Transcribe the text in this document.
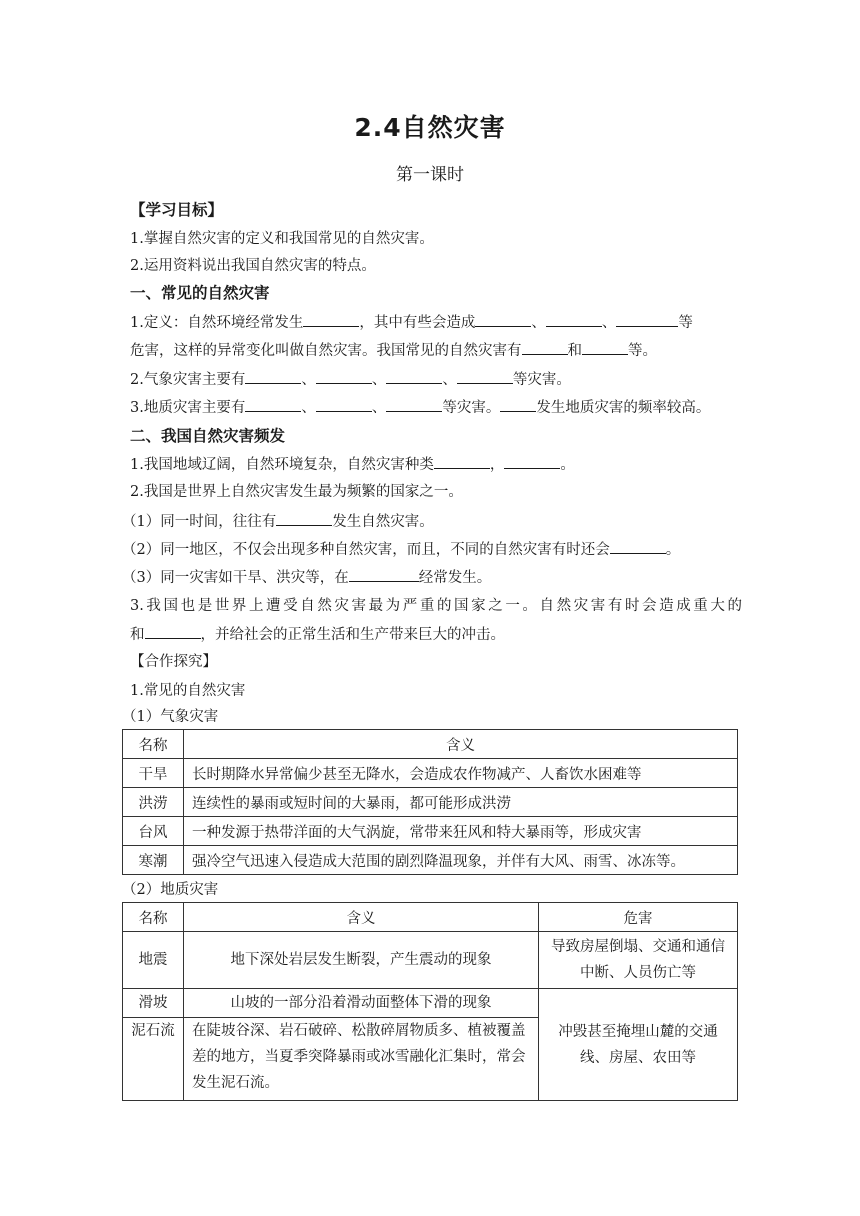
2.4自然灾害
第一课时
【学习目标】
1.掌握自然灾害的定义和我国常见的自然灾害。
2.运用资料说出我国自然灾害的特点。
一、常见的自然灾害
1.定义：自然环境经常发生	，其中有些会造成	、	、	等
危害，这样的异常变化叫做自然灾害。我国常见的自然灾害有	和	等。
2.气象灾害主要有	、	、	、	等灾害。
3.地质灾害主要有	、	、	等灾害。 发生地质灾害的频率较高。
二、我国自然灾害频发
1.我国地域辽阔，自然环境复杂，自然灾害种类	，	。
2.我国是世界上自然灾害发生最为频繁的国家之一。
（1）同一时间，往往有	发生自然灾害。
（2）同一地区，不仅会出现多种自然灾害，而且，不同的自然灾害有时还会	。
（3）同一灾害如干旱、洪灾等，在	经常发生。
3.我国也是世界上遭受自然灾害最为严重的国家之一。自然灾害有时会造成重大的
和	，并给社会的正常生活和生产带来巨大的冲击。
【合作探究】
1.常见的自然灾害
（1）气象灾害
名称	含义
干旱	长时期降水异常偏少甚至无降水，会造成农作物减产、人畜饮水困难等
洪涝	连续性的暴雨或短时间的大暴雨，都可能形成洪涝
台风	一种发源于热带洋面的大气涡旋，常带来狂风和特大暴雨等，形成灾害
寒潮	强冷空气迅速入侵造成大范围的剧烈降温现象，并伴有大风、雨雪、冰冻等。
（2）地质灾害
名称	含义	危害
地震	地下深处岩层发生断裂，产生震动的现象	导致房屋倒塌、交通和通信中断、人员伤亡等
滑坡	山坡的一部分沿着滑动面整体下滑的现象	冲毁甚至掩埋山麓的交通线、房屋、农田等
泥石流	在陡坡谷深、岩石破碎、松散碎屑物质多、植被覆盖差的地方，当夏季突降暴雨或冰雪融化汇集时，常会发生泥石流。	
